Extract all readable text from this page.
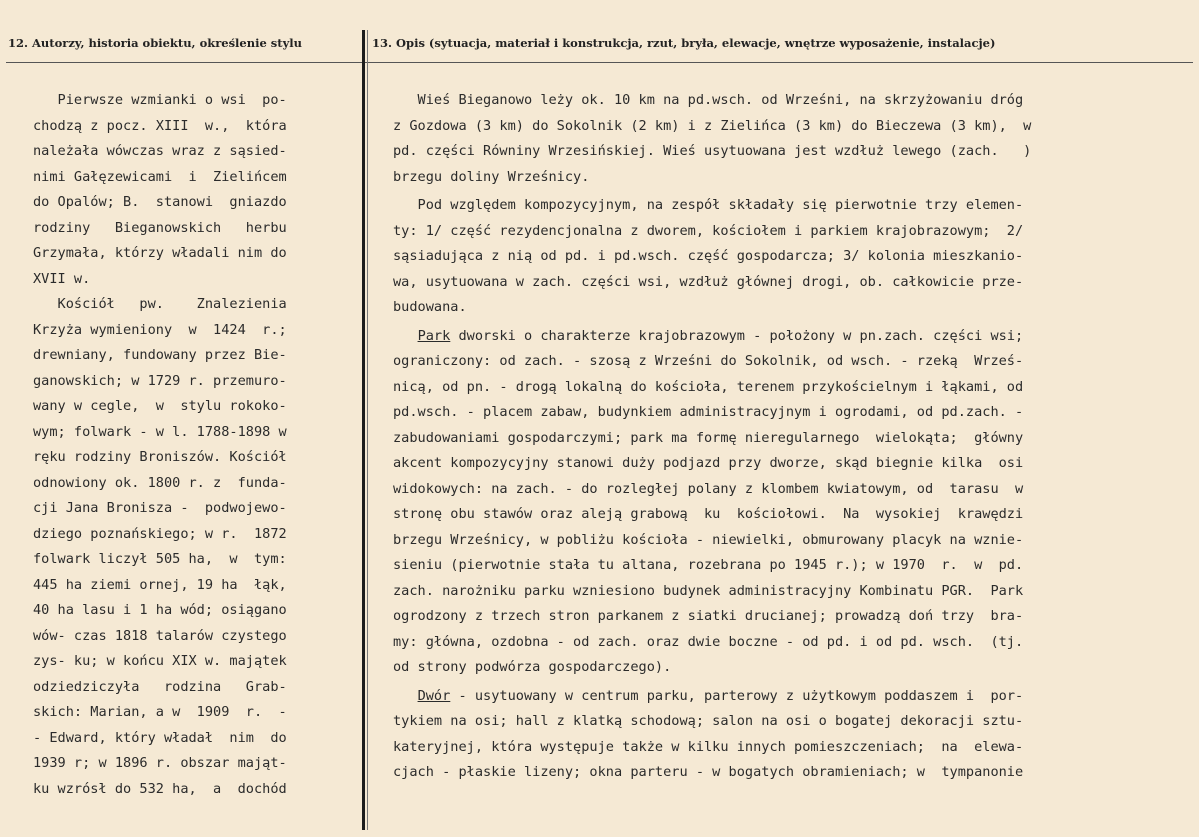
12. Autorzy, historia obiektu, określenie stylu	13. Opis (sytuacja, materiał i konstrukcja, rzut, bryła, elewacje, wnętrze wyposażenie, instalacje)
Pierwsze wzmianki o wsi  po-
chodzą z pocz. XIII  w.,  która
należała wówczas wraz z sąsied-
nimi Gałęzewicami  i  Zielińcem
do Opalów; B.  stanowi  gniazdo
rodziny   Bieganowskich   herbu
Grzymała, którzy władali nim do
XVII w.
Kościół   pw.    Znalezienia
Krzyża wymieniony  w  1424  r.;
drewniany, fundowany przez Bie-
ganowskich; w 1729 r. przemuro-
wany w cegle,  w  stylu rokoko-
wym; folwark - w l. 1788-1898 w
ręku rodziny Broniszów. Kościół
odnowiony ok. 1800 r. z  funda-
cji Jana Bronisza -  podwojewo-
dziego poznańskiego; w r.  1872
folwark liczył 505 ha,  w  tym:
445 ha ziemi ornej, 19 ha  łąk,
40 ha lasu i 1 ha wód; osiągano
wów- czas 1818 talarów czystego
zys- ku; w końcu XIX w. majątek
odziedziczyła   rodzina   Grab-
skich: Marian, a w  1909  r.  -
- Edward, który władał  nim  do
1939 r; w 1896 r. obszar mająt-
ku wzrósł do 532 ha,  a  dochód
Wieś Bieganowo leży ok. 10 km na pd.wsch. od Wrześni, na skrzyżowaniu dróg
z Gozdowa (3 km) do Sokolnik (2 km) i z Zielińca (3 km) do Bieczewa (3 km),  w
pd. części Równiny Wrzesińskiej. Wieś usytuowana jest wzdłuż lewego (zach.   )
brzegu doliny Wrześnicy.
Pod względem kompozycyjnym, na zespół składały się pierwotnie trzy elemen-
ty: 1/ część rezydencjonalna z dworem, kościołem i parkiem krajobrazowym;  2/
sąsiadująca z nią od pd. i pd.wsch. część gospodarcza; 3/ kolonia mieszkanio-
wa, usytuowana w zach. części wsi, wzdłuż głównej drogi, ob. całkowicie prze-
budowana.
Park dworski o charakterze krajobrazowym - położony w pn.zach. części wsi;
ograniczony: od zach. - szosą z Wrześni do Sokolnik, od wsch. - rzeką  Wrześ-
nicą, od pn. - drogą lokalną do kościoła, terenem przykościelnym i łąkami, od
pd.wsch. - placem zabaw, budynkiem administracyjnym i ogrodami, od pd.zach. -
zabudowaniami gospodarczymi; park ma formę nieregularnego  wielokąta;  główny
akcent kompozycyjny stanowi duży podjazd przy dworze, skąd biegnie kilka  osi
widokowych: na zach. - do rozległej polany z klombem kwiatowym, od  tarasu  w
stronę obu stawów oraz aleją grabową  ku  kościołowi.  Na  wysokiej  krawędzi
brzegu Wrześnicy, w pobliżu kościoła - niewielki, obmurowany placyk na wznie-
sieniu (pierwotnie stała tu altana, rozebrana po 1945 r.); w 1970  r.  w  pd.
zach. narożniku parku wzniesiono budynek administracyjny Kombinatu PGR.  Park
ogrodzony z trzech stron parkanem z siatki drucianej; prowadzą doń trzy  bra-
my: główna, ozdobna - od zach. oraz dwie boczne - od pd. i od pd. wsch.  (tj.
od strony podwórza gospodarczego).
Dwór - usytuowany w centrum parku, parterowy z użytkowym poddaszem i  por-
tykiem na osi; hall z klatką schodową; salon na osi o bogatej dekoracji sztu-
kateryjnej, która występuje także w kilku innych pomieszczeniach;  na  elewa-
cjach - płaskie lizeny; okna parteru - w bogatych obramieniach; w  tympanonie
